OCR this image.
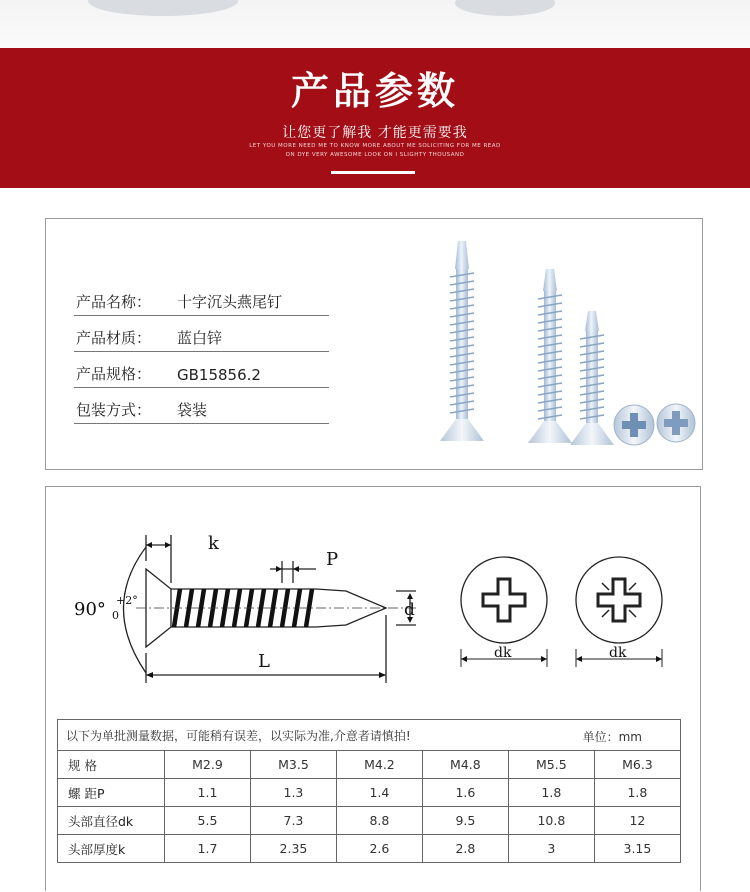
产品参数
让您更了解我 才能更需要我
LET YOU MORE NEED ME TO KNOW MORE ABOUT ME SOLICITING FOR ME READ
ON DYE VERY AWESOME LOOK ON I SLIGHTY THOUSAND
产品名称： 十字沉头燕尾钉
产品材质： 蓝白锌
产品规格： GB15856.2
包装方式： 袋装
k
P
90° +2°
0	d
L	dk	dk
以下为单批测量数据，可能稍有误差，以实际为准,介意者请慎拍! 单位：mm						

规 格	M2.9	M3.5	M4.2	M4.8	M5.5	M6.3
螺 距P	1.1	1.3	1.4	1.6	1.8	1.8
头部直径dk	5.5	7.3	8.8	9.5	10.8	12
头部厚度k	1.7	2.35	2.6	2.8	3	3.15
